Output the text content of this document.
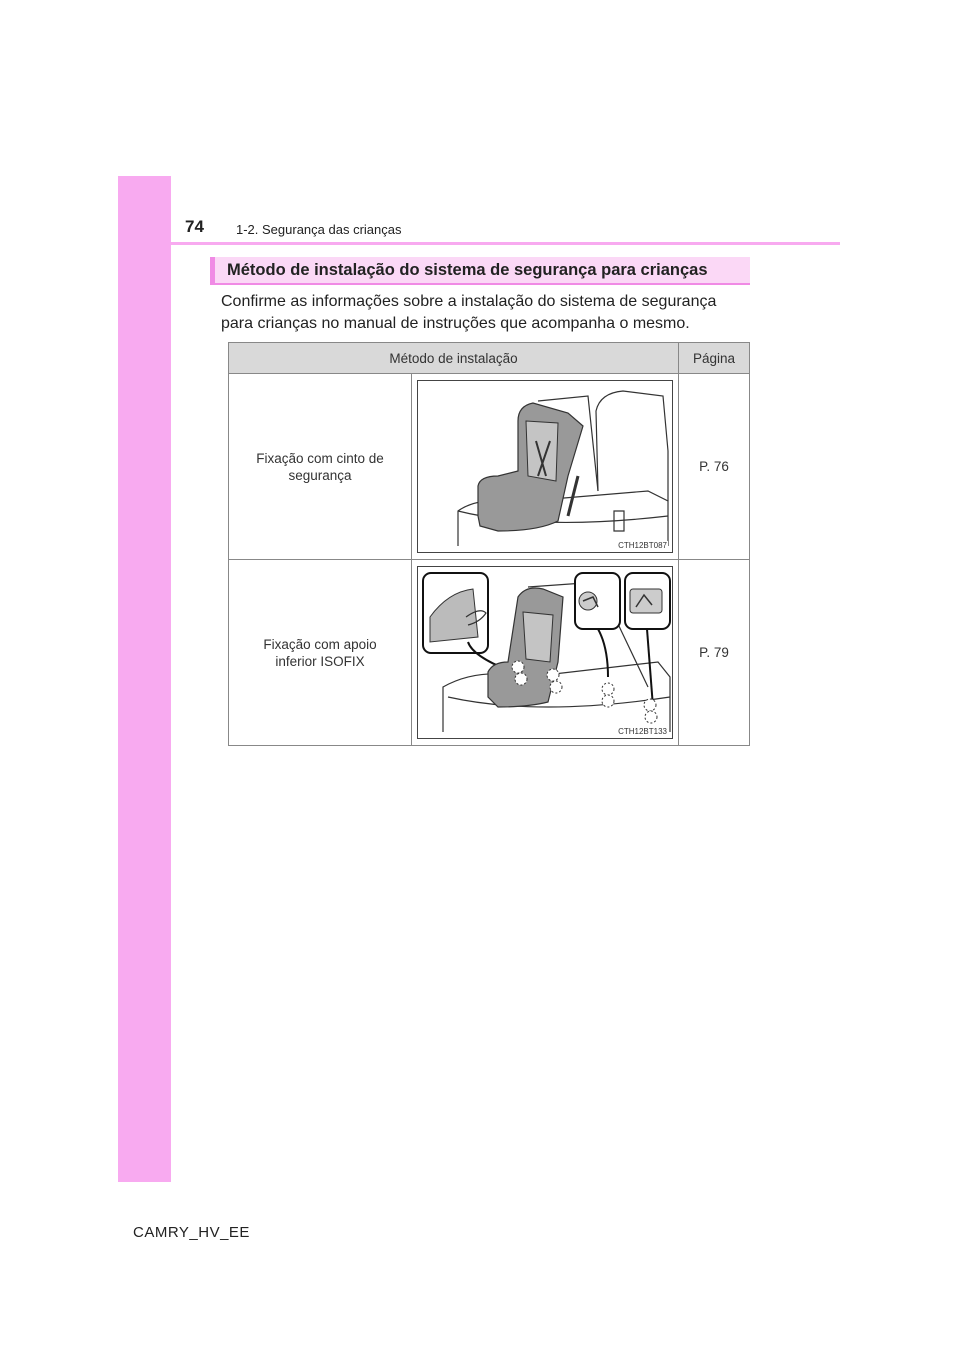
74 1-2. Segurança das crianças
Método de instalação do sistema de segurança para crianças

Confirme as informações sobre a instalação do sistema de segurança

para crianças no manual de instruções que acompanha o mesmo.

Método de instalação		Página

Fixação com cinto de
segurança	CTH12BT087	P. 76

Fixação com apoio
inferior ISOFIX	CTH12BT133	P. 79
CAMRY_HV_EE
